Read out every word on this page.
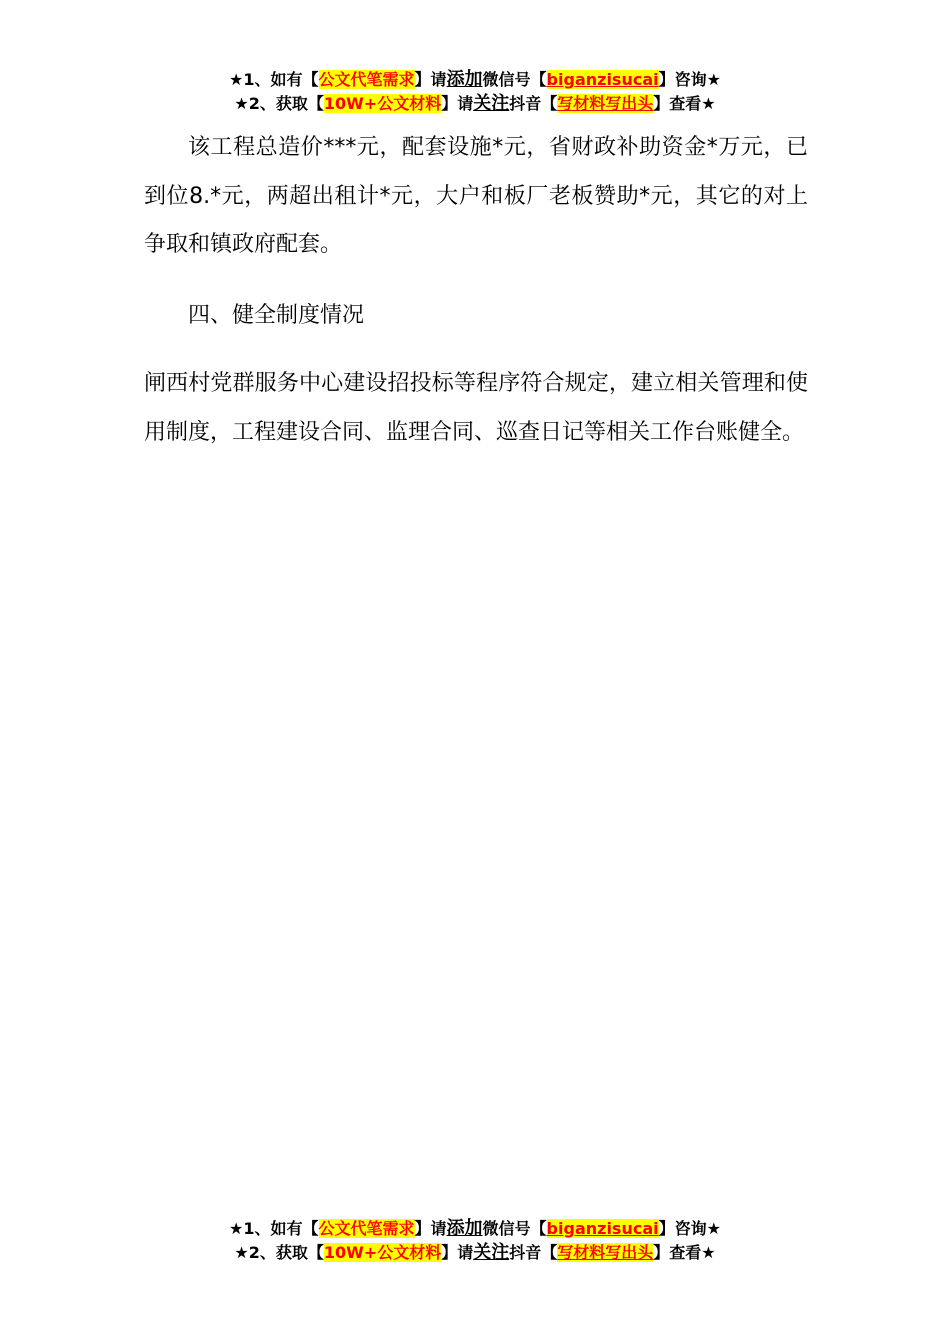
★1、如有【公文代笔需求】请添加微信号【biganzisucai】咨询★
★2、获取【10W+公文材料】请关注抖音【写材料写出头】查看★

该工程总造价***元，配套设施*元，省财政补助资金*万元，已到位8.*元，两超出租计*元，大户和板厂老板赞助*元，其它的对上争取和镇政府配套。

四、健全制度情况

闸西村党群服务中心建设招投标等程序符合规定，建立相关管理和使用制度，工程建设合同、监理合同、巡查日记等相关工作台账健全。

★1、如有【公文代笔需求】请添加微信号【biganzisucai】咨询★
★2、获取【10W+公文材料】请关注抖音【写材料写出头】查看★
